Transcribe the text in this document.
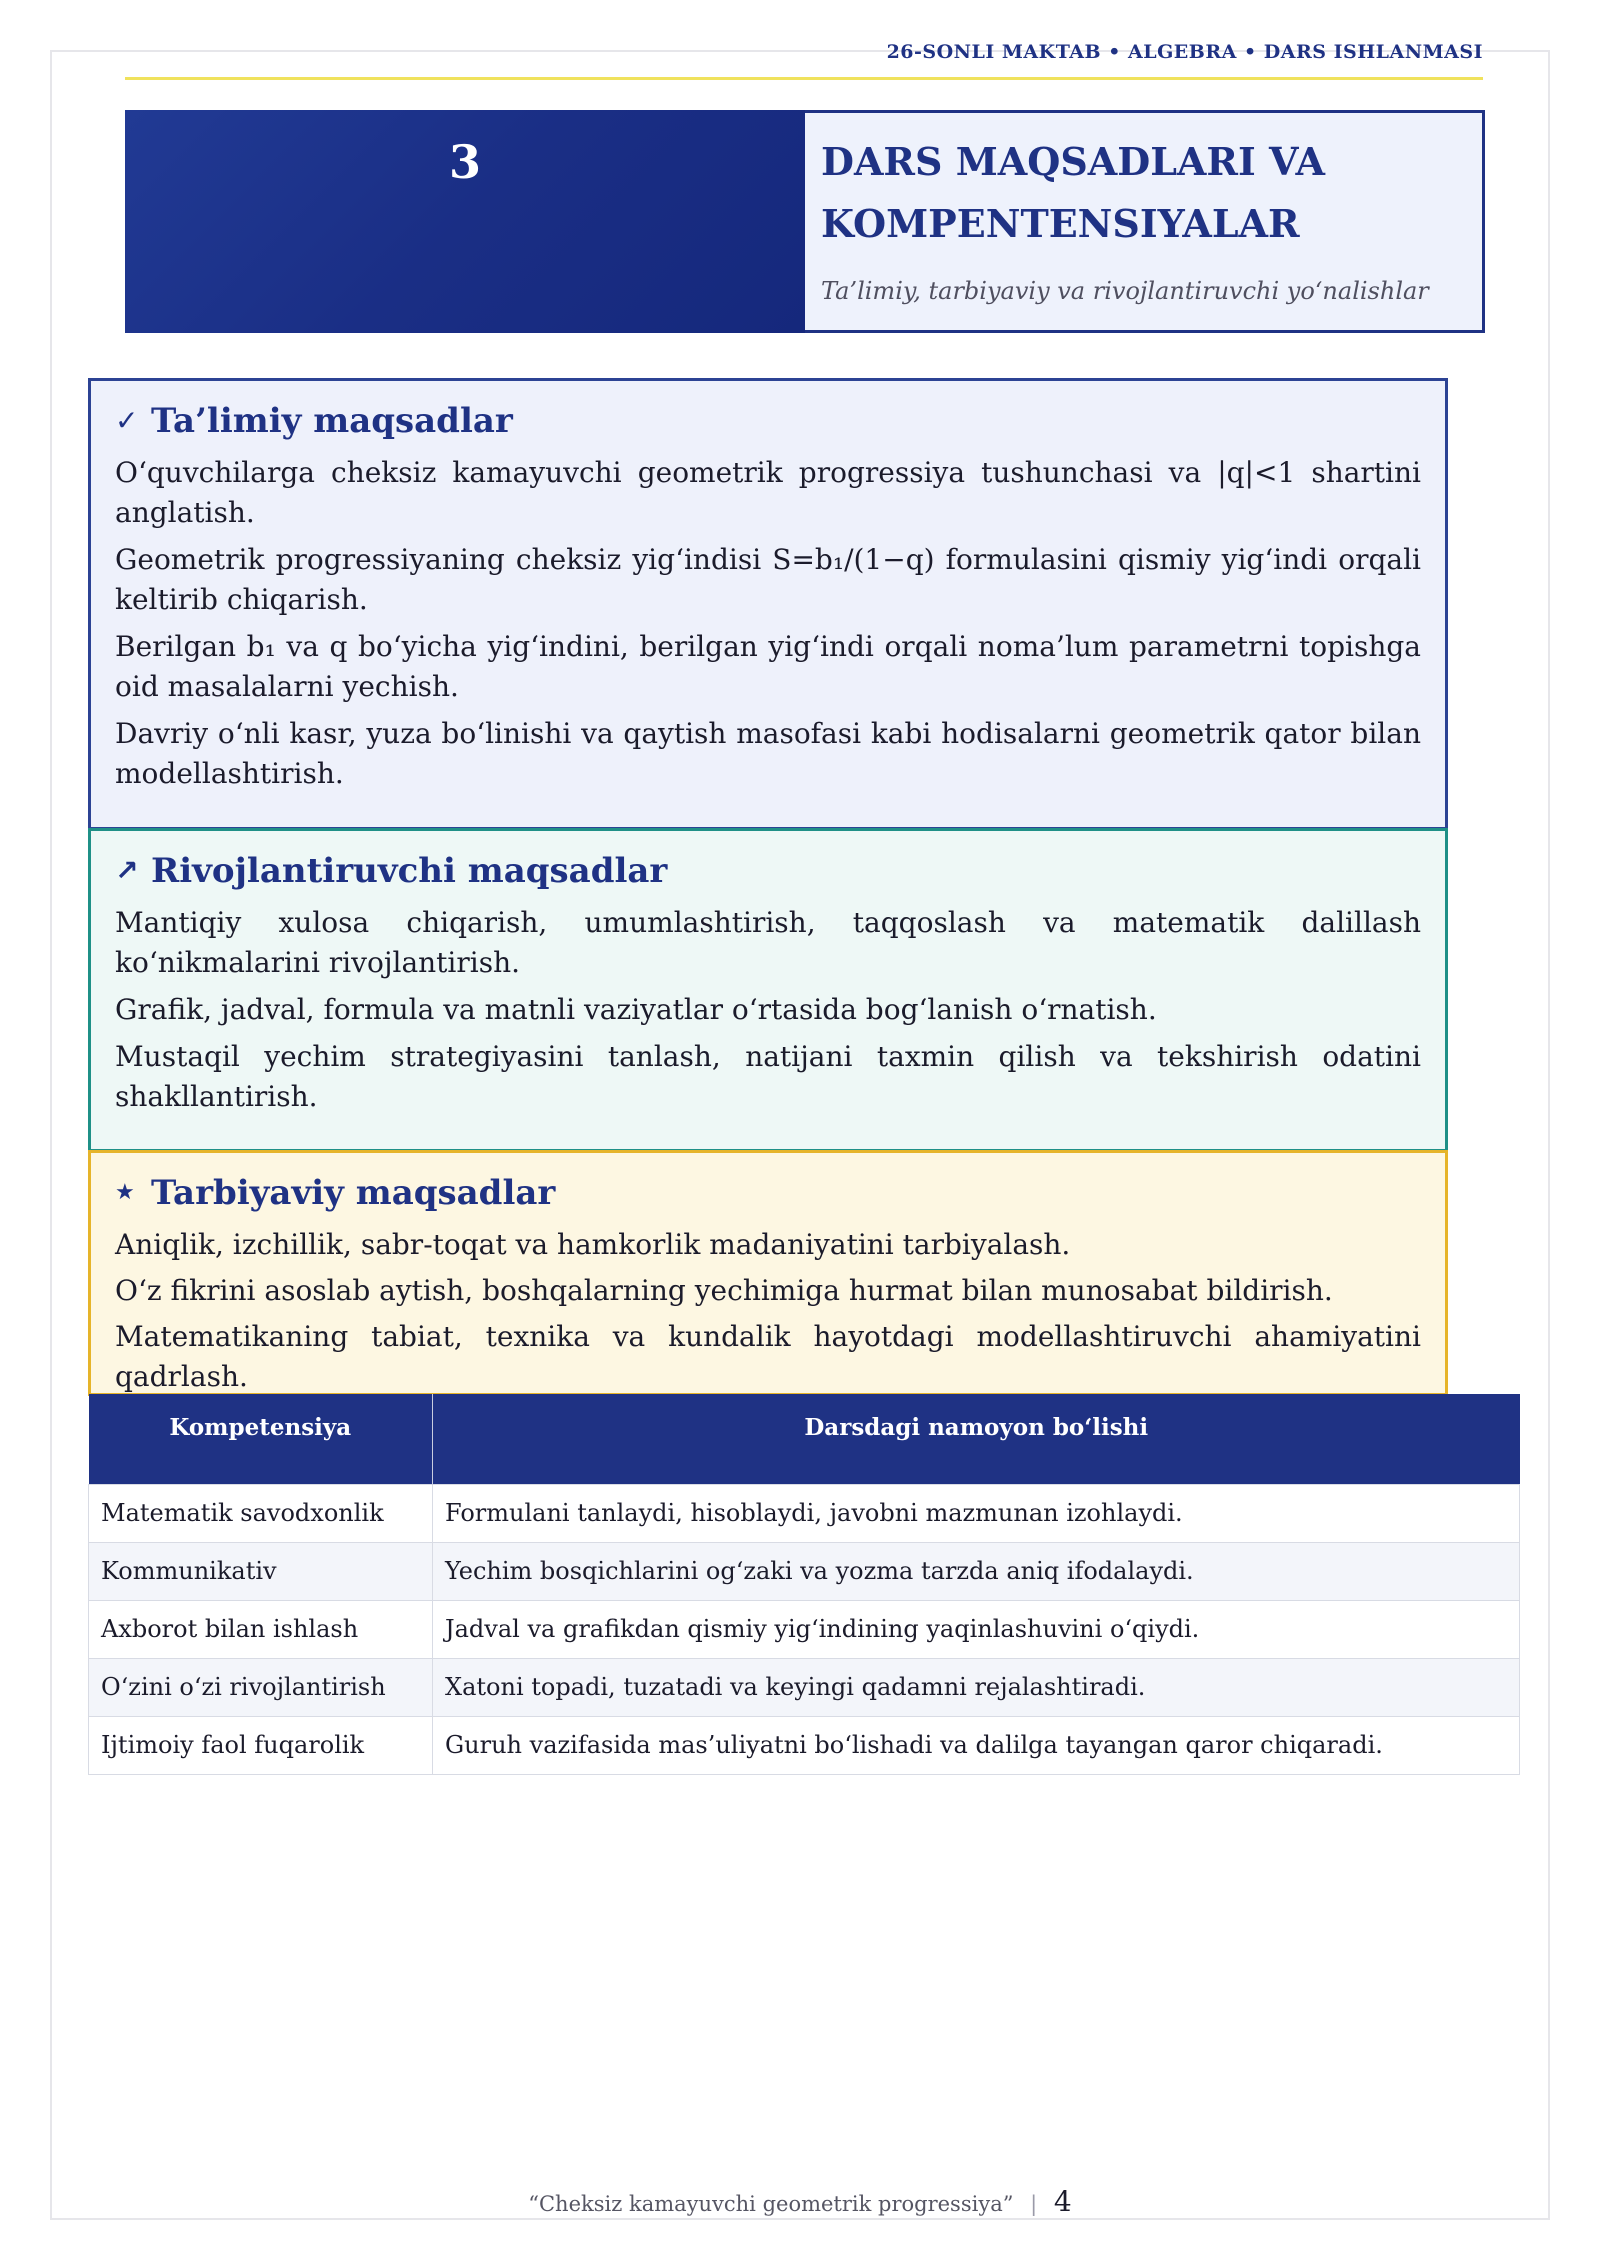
26-SONLI MAKTAB • ALGEBRA • DARS ISHLANMASI
3	DARS MAQSADLARI VA KOMPENTENSIYALAR
Ta’limiy, tarbiyaviy va rivojlantiruvchi yo‘nalishlar
✓ Ta’limiy maqsadlar

O‘quvchilarga cheksiz kamayuvchi geometrik progressiya tushunchasi va |q|<1 shartini anglatish.

Geometrik progressiyaning cheksiz yig‘indisi S=b₁/(1−q) formulasini qismiy yig‘indi orqali keltirib chiqarish.

Berilgan b₁ va q bo‘yicha yig‘indini, berilgan yig‘indi orqali noma’lum parametrni topishga oid masalalarni yechish.

Davriy o‘nli kasr, yuza bo‘linishi va qaytish masofasi kabi hodisalarni geometrik qator bilan modellashtirish.

↗ Rivojlantiruvchi maqsadlar

Mantiqiy xulosa chiqarish, umumlashtirish, taqqoslash va matematik dalillash ko‘nikmalarini rivojlantirish.

Grafik, jadval, formula va matnli vaziyatlar o‘rtasida bog‘lanish o‘rnatish.

Mustaqil yechim strategiyasini tanlash, natijani taxmin qilish va tekshirish odatini shakllantirish.

★ Tarbiyaviy maqsadlar

Aniqlik, izchillik, sabr-toqat va hamkorlik madaniyatini tarbiyalash.

O‘z fikrini asoslab aytish, boshqalarning yechimiga hurmat bilan munosabat bildirish.

Matematikaning tabiat, texnika va kundalik hayotdagi modellashtiruvchi ahamiyatini qadrlash.

Kompetensiya	Darsdagi namoyon bo‘lishi
Matematik savodxonlik	Formulani tanlaydi, hisoblaydi, javobni mazmunan izohlaydi.
Kommunikativ	Yechim bosqichlarini og‘zaki va yozma tarzda aniq ifodalaydi.
Axborot bilan ishlash	Jadval va grafikdan qismiy yig‘indining yaqinlashuvini o‘qiydi.
O‘zini o‘zi rivojlantirish	Xatoni topadi, tuzatadi va keyingi qadamni rejalashtiradi.
Ijtimoiy faol fuqarolik	Guruh vazifasida mas’uliyatni bo‘lishadi va dalilga tayangan qaror chiqaradi.
“Cheksiz kamayuvchi geometrik progressiya” | 4
